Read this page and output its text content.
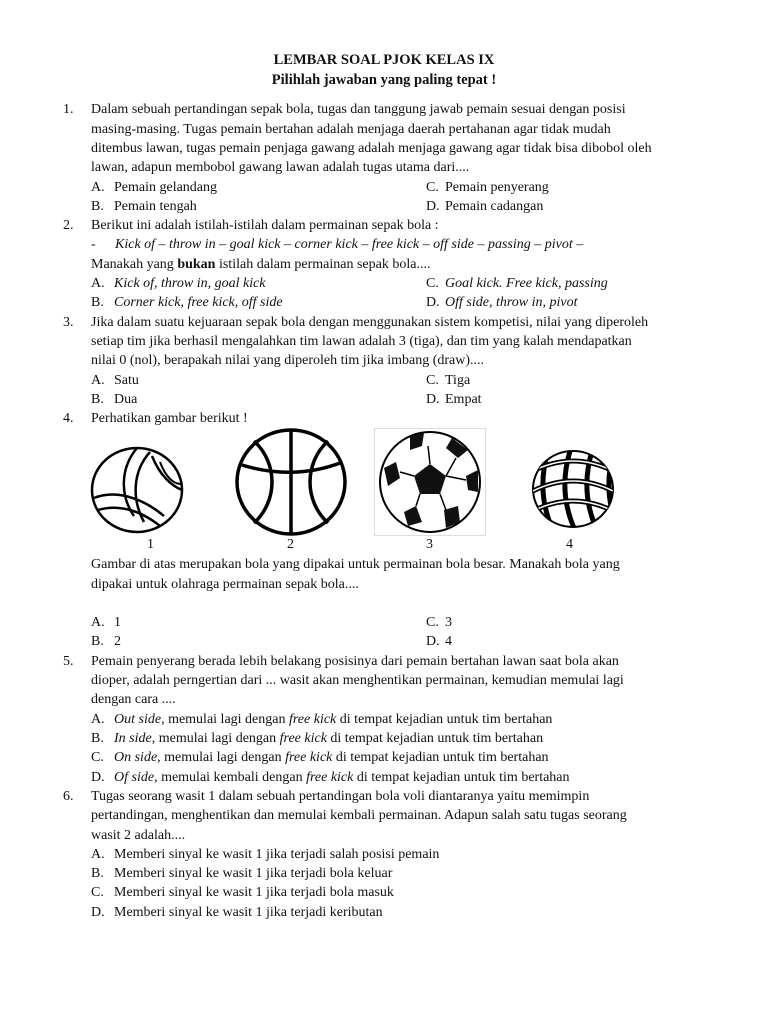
LEMBAR SOAL PJOK KELAS IX
Pilihlah jawaban yang paling tepat !
1. Dalam sebuah pertandingan sepak bola, tugas dan tanggung jawab pemain sesuai dengan posisi
masing-masing. Tugas pemain bertahan adalah menjaga daerah pertahanan agar tidak mudah
ditembus lawan, tugas pemain penjaga gawang adalah menjaga gawang agar tidak bisa dibobol oleh
lawan, adapun membobol gawang lawan adalah tugas utama dari....
A. Pemain gelandang
B. Pemain tengah
C. Pemain penyerang
D. Pemain cadangan
2. Berikut ini adalah istilah-istilah dalam permainan sepak bola :
- Kick of – throw in – goal kick – corner kick – free kick – off side – passing – pivot –
Manakah yang bukan istilah dalam permainan sepak bola....
A. Kick of, throw in, goal kick
B. Corner kick, free kick, off side
C. Goal kick. Free kick, passing
D. Off side, throw in, pivot
3. Jika dalam suatu kejuaraan sepak bola dengan menggunakan sistem kompetisi, nilai yang diperoleh
setiap tim jika berhasil mengalahkan tim lawan adalah 3 (tiga), dan tim yang kalah mendapatkan
nilai 0 (nol), berapakah nilai yang diperoleh tim jika imbang (draw)....
A. Satu
B. Dua
C. Tiga
D. Empat
4. Perhatikan gambar berikut !
1	2	3	4
Gambar di atas merupakan bola yang dipakai untuk permainan bola besar. Manakah bola yang
dipakai untuk olahraga permainan sepak bola....
A. 1
B. 2
C. 3
D. 4
5. Pemain penyerang berada lebih belakang posisinya dari pemain bertahan lawan saat bola akan
dioper, adalah perngertian dari ... wasit akan menghentikan permainan, kemudian memulai lagi
dengan cara ....
A. Out side, memulai lagi dengan free kick di tempat kejadian untuk tim bertahan
B. In side, memulai lagi dengan free kick di tempat kejadian untuk tim bertahan
C. On side, memulai lagi dengan free kick di tempat kejadian untuk tim bertahan
D. Of side, memulai kembali dengan free kick di tempat kejadian untuk tim bertahan
6. Tugas seorang wasit 1 dalam sebuah pertandingan bola voli diantaranya yaitu memimpin
pertandingan, menghentikan dan memulai kembali permainan. Adapun salah satu tugas seorang
wasit 2 adalah....
A. Memberi sinyal ke wasit 1 jika terjadi salah posisi pemain
B. Memberi sinyal ke wasit 1 jika terjadi bola keluar
C. Memberi sinyal ke wasit 1 jika terjadi bola masuk
D. Memberi sinyal ke wasit 1 jika terjadi keributan
